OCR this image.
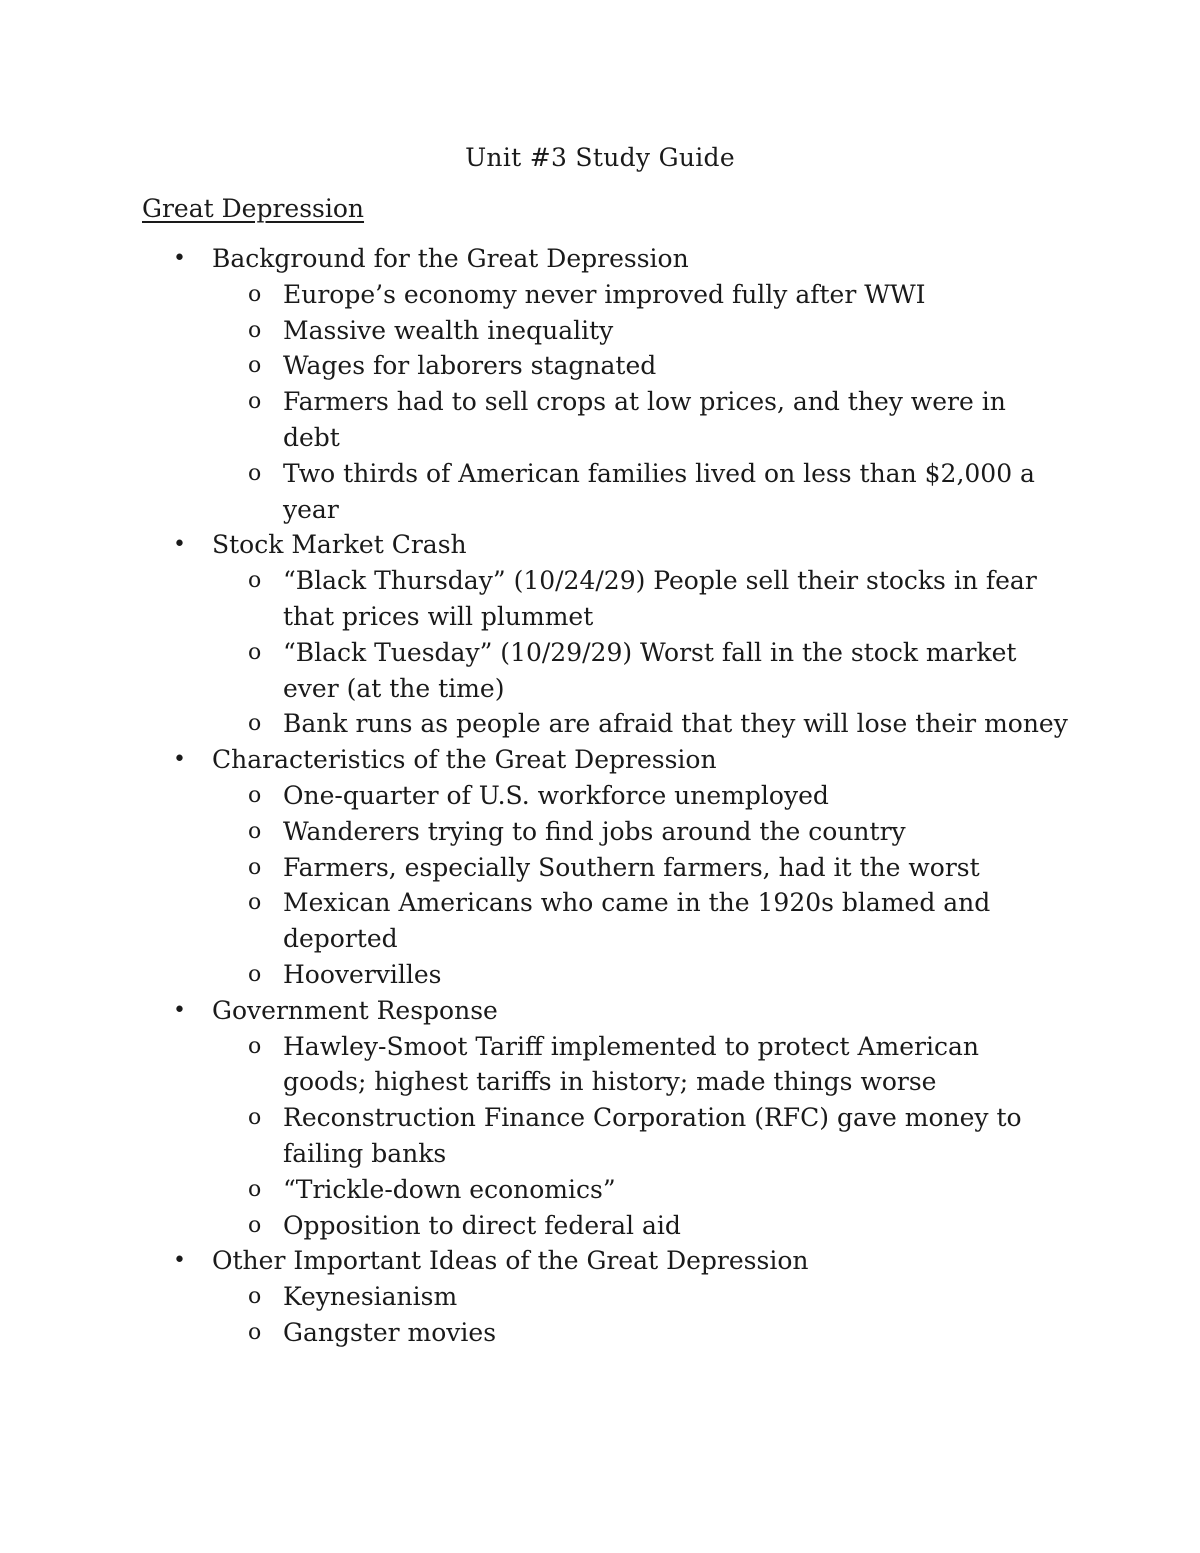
Unit #3 Study Guide
Great Depression
• Background for the Great Depression
o Europe’s economy never improved fully after WWI
o Massive wealth inequality
o Wages for laborers stagnated
o Farmers had to sell crops at low prices, and they were in debt
o Two thirds of American families lived on less than $2,000 a year
• Stock Market Crash
o “Black Thursday” (10/24/29) People sell their stocks in fear that prices will plummet
o “Black Tuesday” (10/29/29) Worst fall in the stock market ever (at the time)
o Bank runs as people are afraid that they will lose their money
• Characteristics of the Great Depression
o One-quarter of U.S. workforce unemployed
o Wanderers trying to find jobs around the country
o Farmers, especially Southern farmers, had it the worst
o Mexican Americans who came in the 1920s blamed and deported
o Hoovervilles
• Government Response
o Hawley-Smoot Tariff implemented to protect American goods; highest tariffs in history; made things worse
o Reconstruction Finance Corporation (RFC) gave money to failing banks
o “Trickle-down economics”
o Opposition to direct federal aid
• Other Important Ideas of the Great Depression
o Keynesianism
o Gangster movies
